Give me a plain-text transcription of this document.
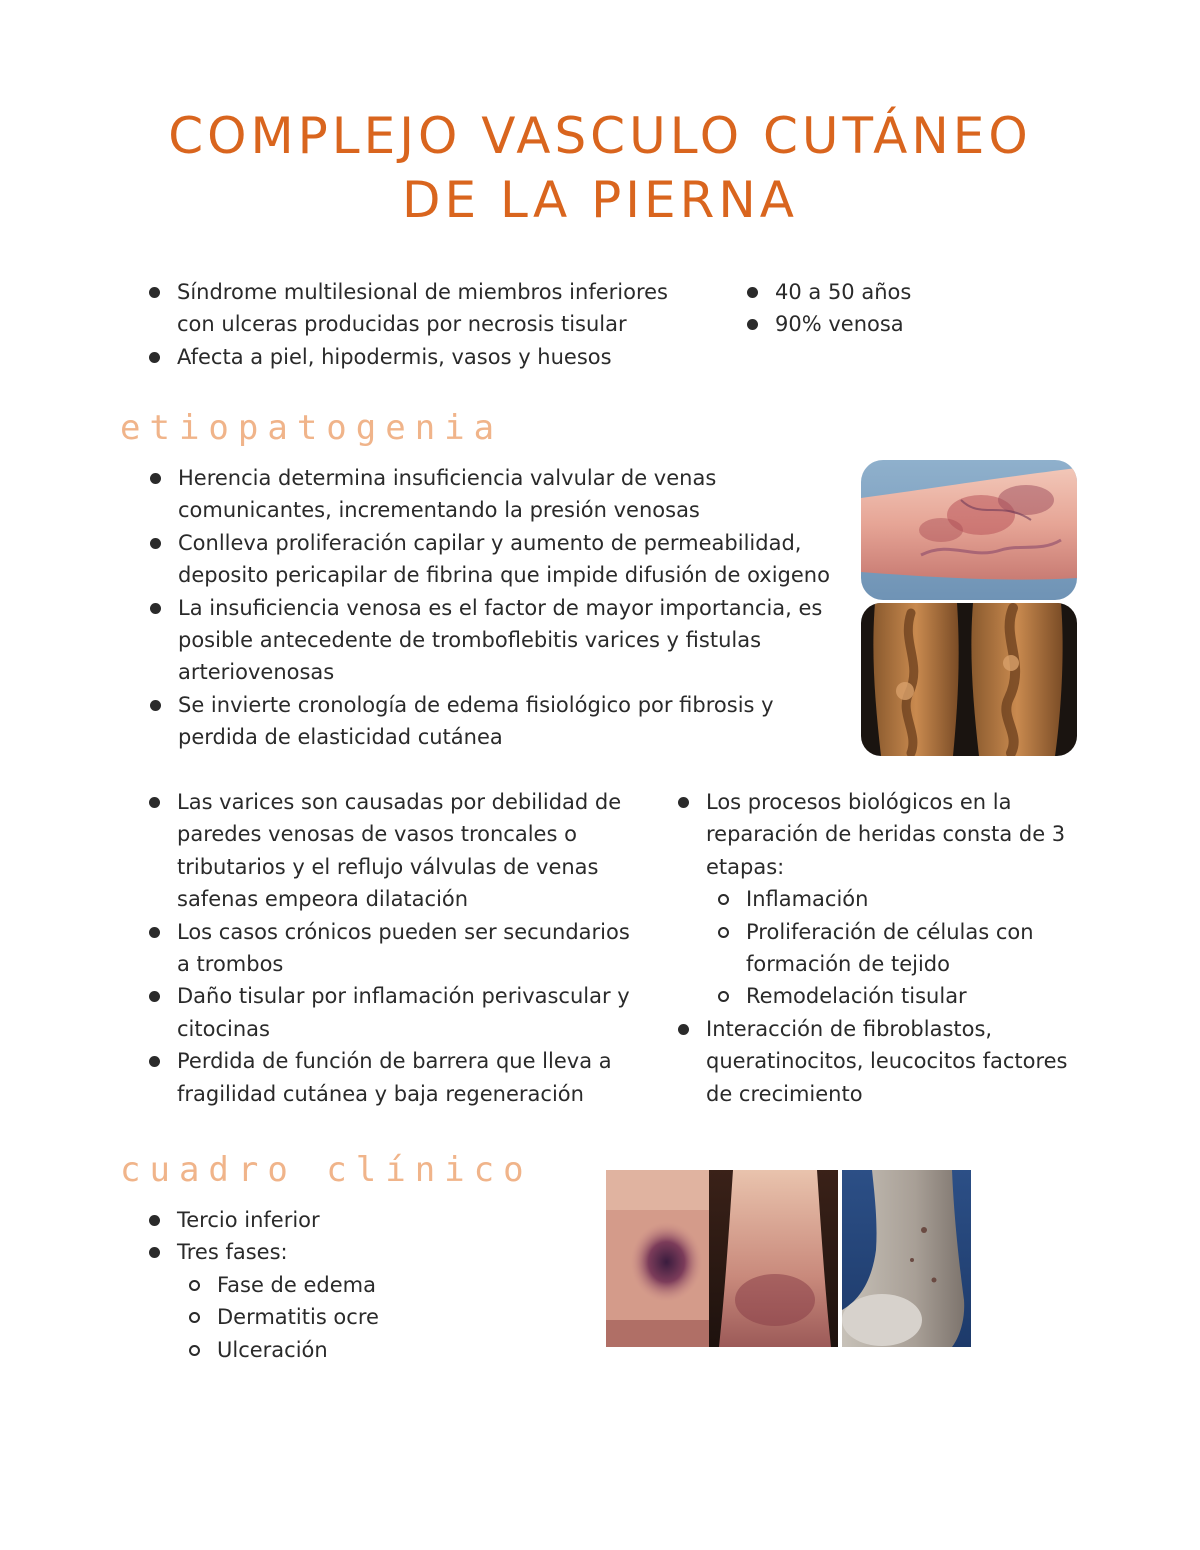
COMPLEJO VASCULO CUTÁNEO
DE LA PIERNA
Síndrome multilesional de miembros inferiores con ulceras producidas por necrosis tisular
Afecta a piel, hipodermis, vasos y huesos
40 a 50 años
90% venosa
etiopatogenia
Herencia determina insuficiencia valvular de venas comunicantes, incrementando la presión venosas
Conlleva proliferación capilar y aumento de permeabilidad, deposito pericapilar de fibrina que impide difusión de oxigeno
La insuficiencia venosa es el factor de mayor importancia, es posible antecedente de tromboflebitis varices y fistulas arteriovenosas
Se invierte cronología de edema fisiológico por fibrosis y perdida de elasticidad cutánea
Las varices son causadas por debilidad de paredes venosas de vasos troncales o tributarios y el reflujo válvulas de venas safenas empeora dilatación
Los casos crónicos pueden ser secundarios a trombos
Daño tisular por inflamación perivascular y citocinas
Perdida de función de barrera que lleva a fragilidad cutánea y baja regeneración
Los procesos biológicos en la reparación de heridas consta de 3 etapas:
Inflamación
Proliferación de células con formación de tejido
Remodelación tisular
Interacción de fibroblastos, queratinocitos, leucocitos factores de crecimiento
cuadro clínico
Tercio inferior
Tres fases:
Fase de edema
Dermatitis ocre
Ulceración
